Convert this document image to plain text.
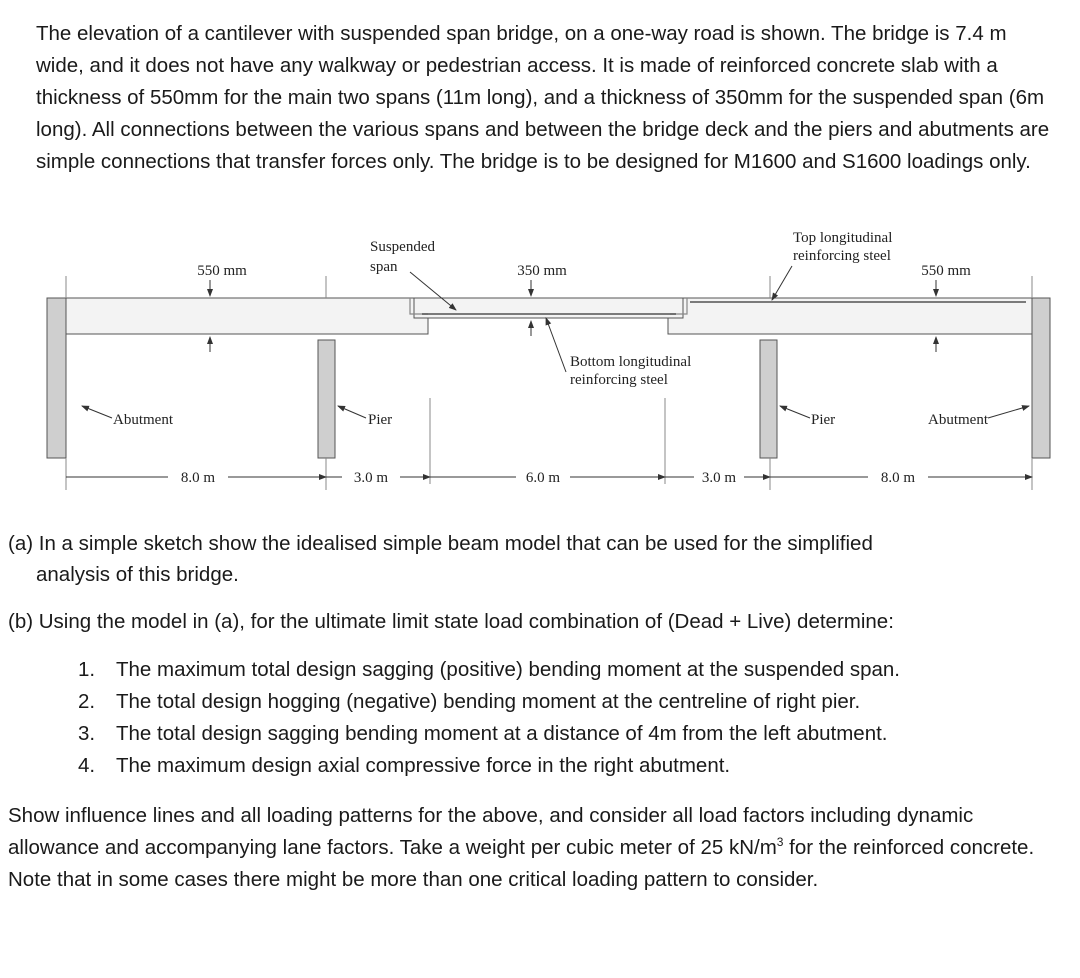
The elevation of a cantilever with suspended span bridge, on a one-way road is shown. The bridge is 7.4 m wide, and it does not have any walkway or pedestrian access. It is made of reinforced concrete slab with a thickness of 550mm for the main two spans (11m long), and a thickness of 350mm for the suspended span (6m long). All connections between the various spans and between the bridge deck and the piers and abutments are simple connections that transfer forces only. The bridge is to be designed for M1600 and S1600 loadings only.

Suspended
span
Top longitudinal
reinforcing steel
Bottom longitudinal
reinforcing steel
550 mm	350 mm	550 mm
Abutment	Pier	Pier	Abutment
8.0 m	3.0 m	6.0 m	3.0 m	8.0 m

(a) In a simple sketch show the idealised simple beam model that can be used for the simplified
analysis of this bridge.

(b) Using the model in (a), for the ultimate limit state load combination of (Dead + Live) determine:

1.	The maximum total design sagging (positive) bending moment at the suspended span.
2.	The total design hogging (negative) bending moment at the centreline of right pier.
3.	The total design sagging bending moment at a distance of 4m from the left abutment.
4.	The maximum design axial compressive force in the right abutment.

Show influence lines and all loading patterns for the above, and consider all load factors including dynamic allowance and accompanying lane factors. Take a weight per cubic meter of 25 $kN/m^3$ for the reinforced concrete. Note that in some cases there might be more than one critical loading pattern to consider.
